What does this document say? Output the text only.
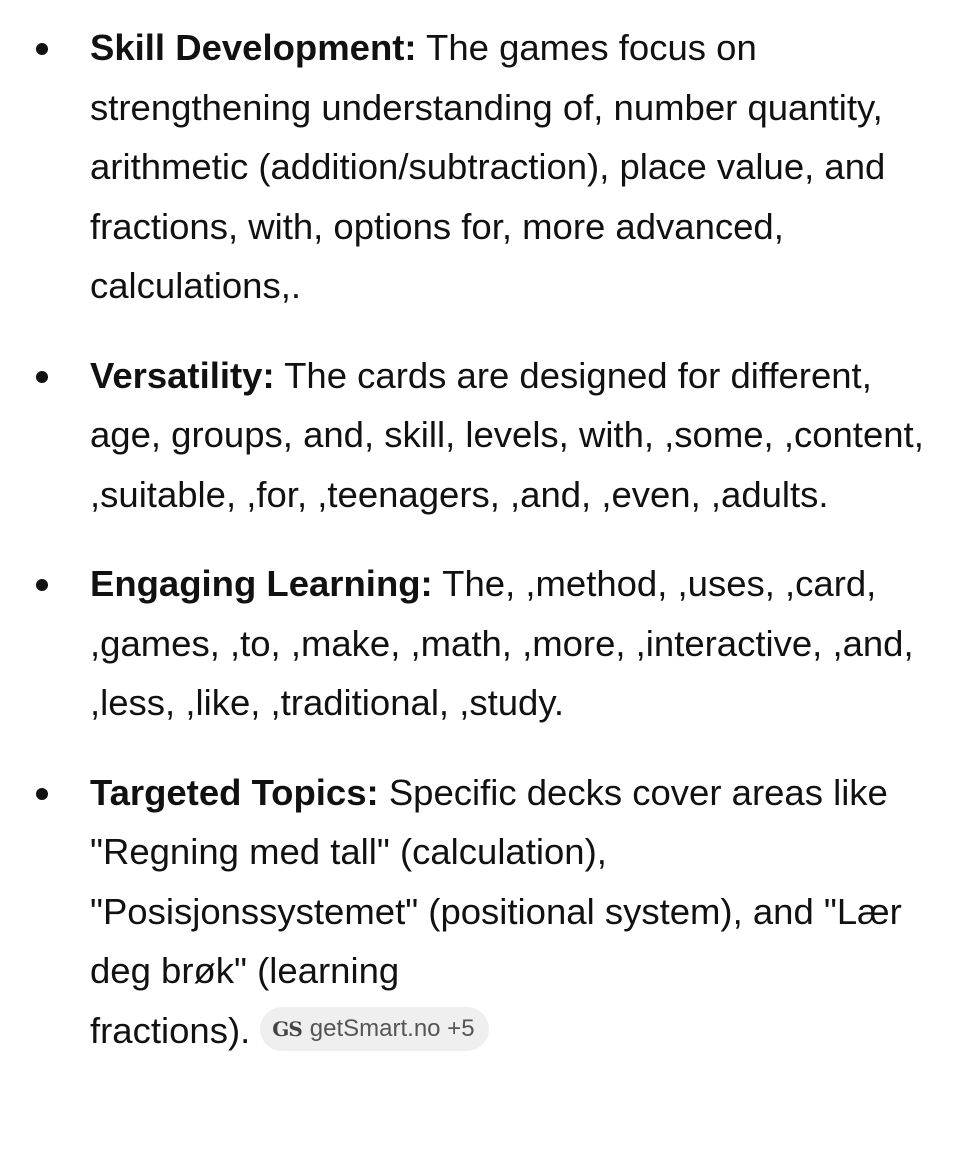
Skill Development: The games focus on strengthening understanding of, number quantity, arithmetic (addition/subtraction), place value, and fractions, with, options for, more advanced, calculations,.
Versatility: The cards are designed for different, age, groups, and, skill, levels, with, ,some, ,content, ,suitable, ,for, ,teenagers, ,and, ,even, ,adults.
Engaging Learning: The, ,method, ,uses, ,card, ,games, ,to, ,make, ,math, ,more, ,interactive, ,and, ,less, ,like, ,traditional, ,study.
Targeted Topics: Specific decks cover areas like "Regning med tall" (calculation), "Posisjonssystemet" (positional system), and "Lær deg brøk" (learning
fractions). GS getSmart.no +5
